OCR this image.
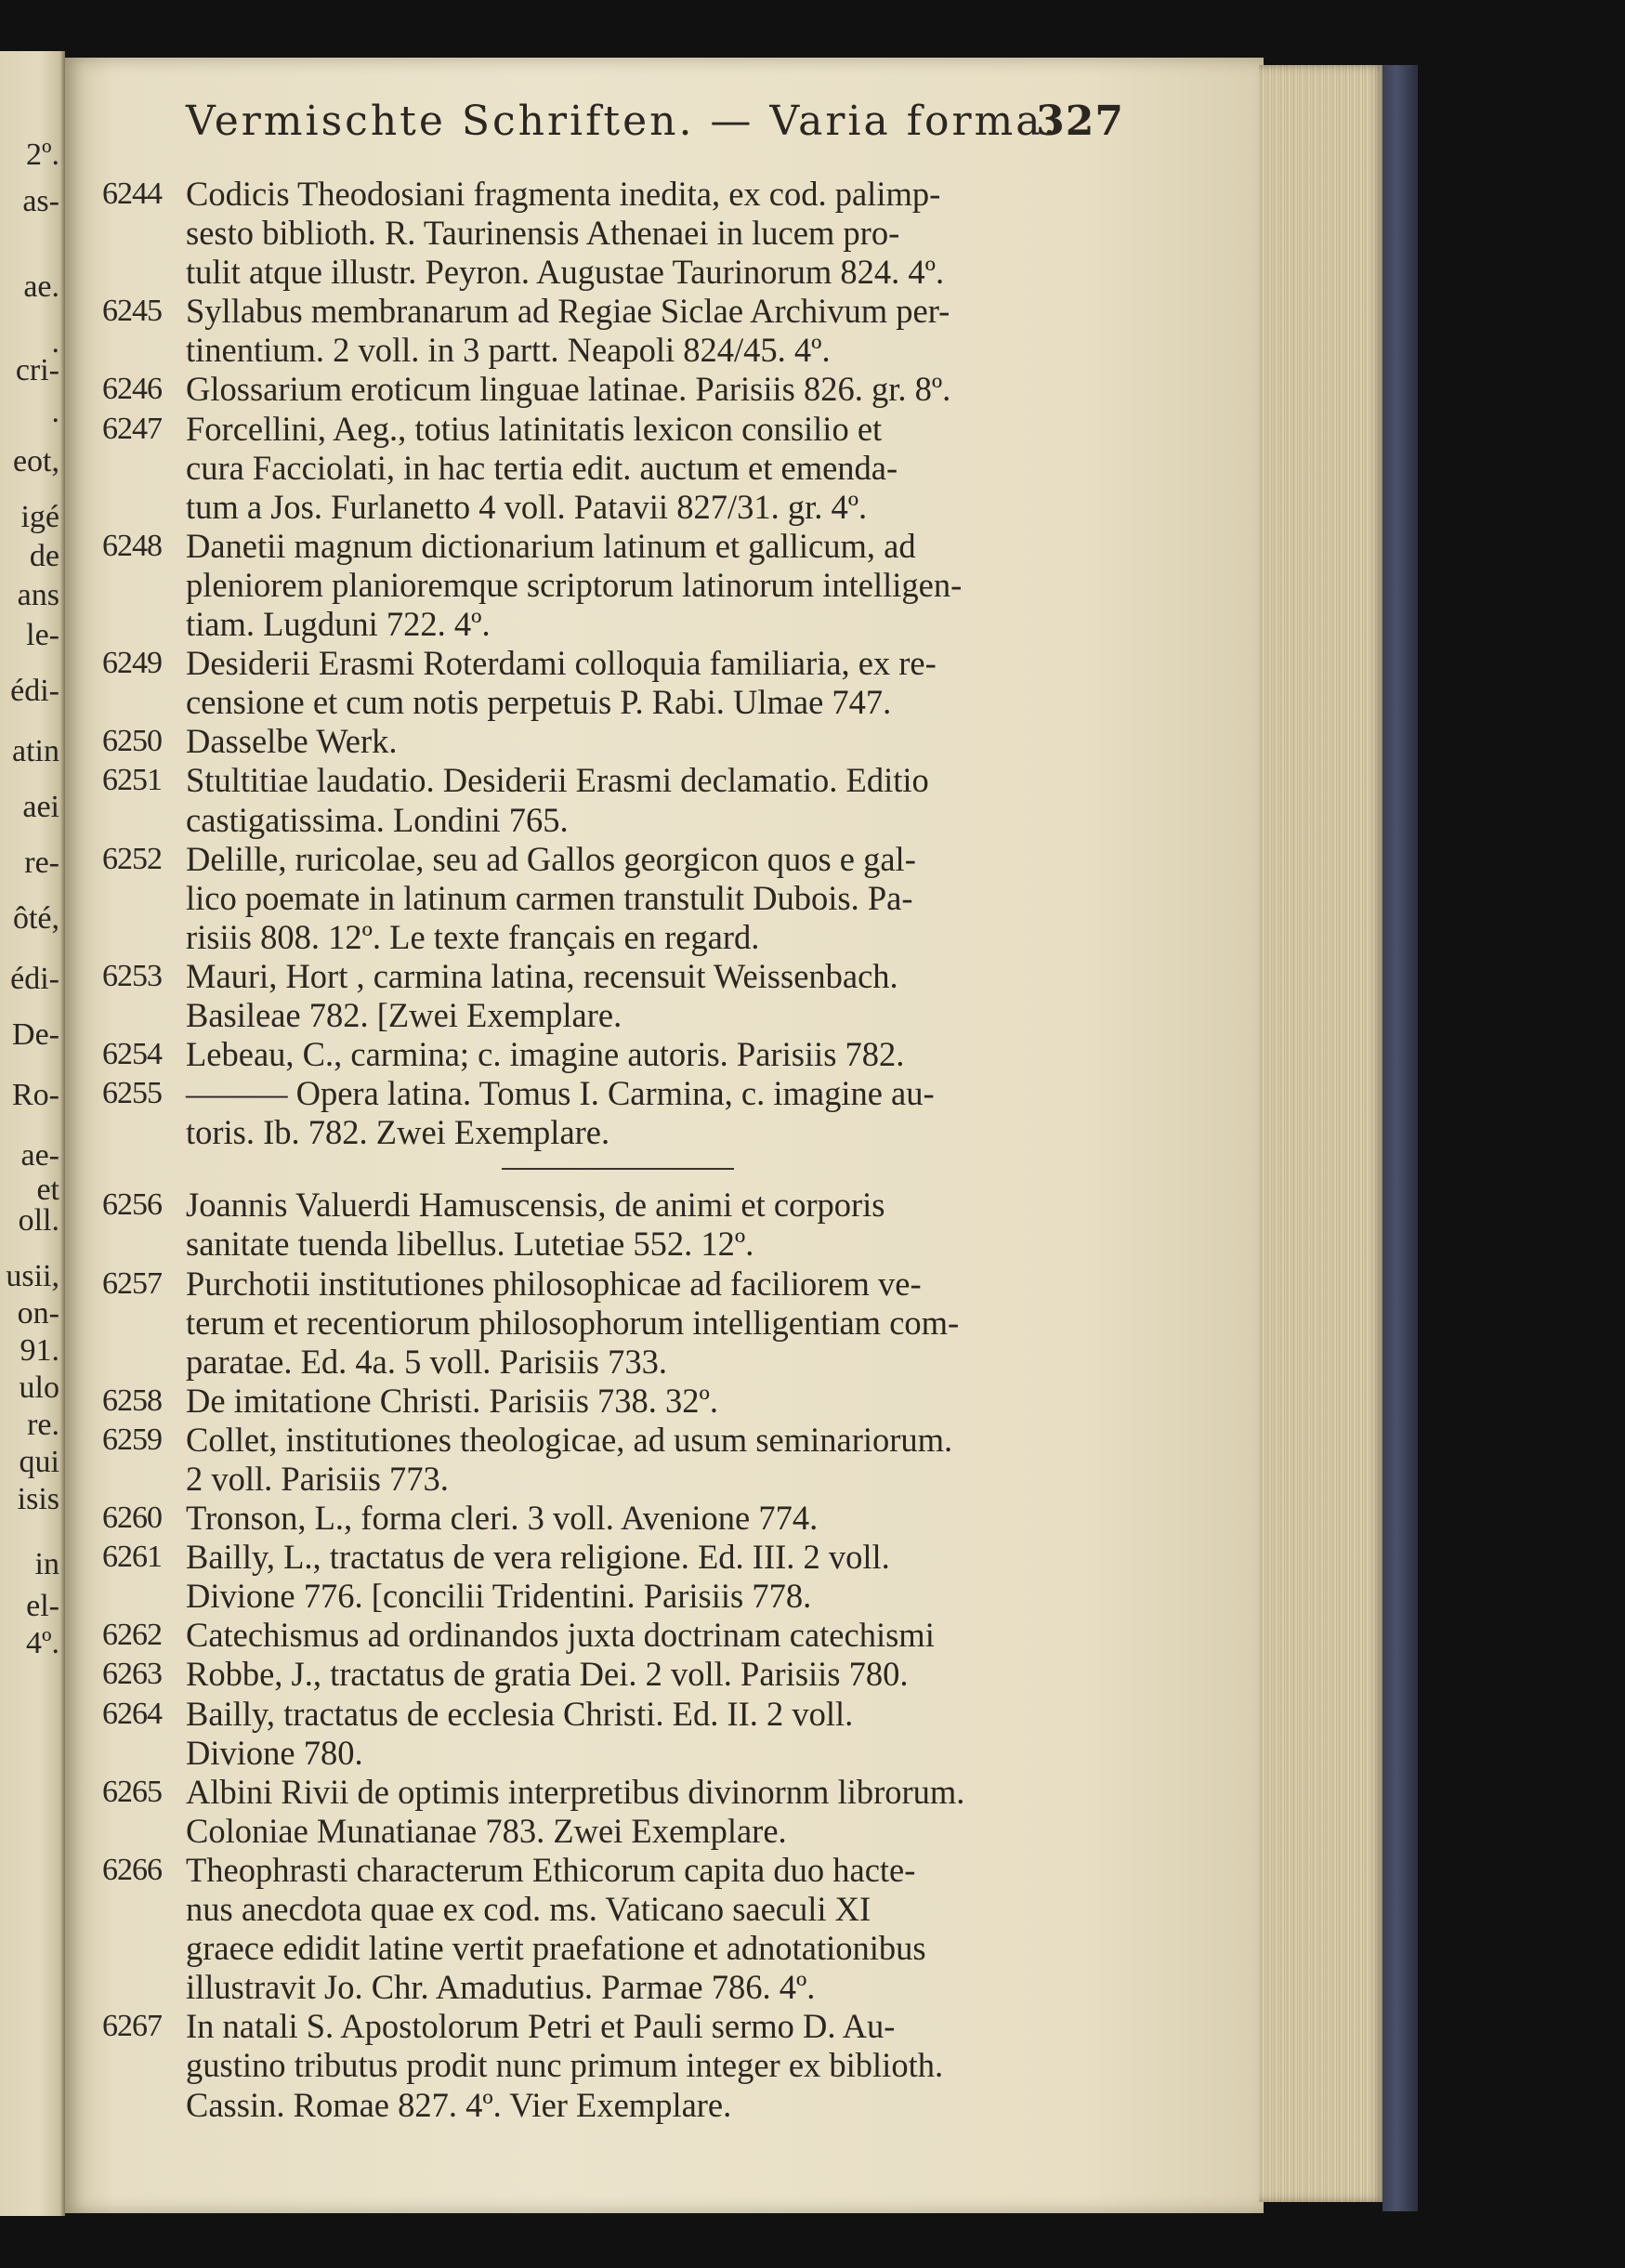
2º.
as-
ae.
.
cri-
.
eot,
igé
de
ans
le-
édi-
atin
aei
re-
ôté,
édi-
De-
Ro-
ae-
et
oll.
usii,
on-
91.
ulo
re.
qui
isis
in
el-
4º.
Vermischte Schriften. — Varia forma.
327
6244 Codicis Theodosiani fragmenta inedita, ex cod. palimp-
sesto biblioth. R. Taurinensis Athenaei in lucem pro-
tulit atque illustr. Peyron. Augustae Taurinorum 824. 4º.
6245 Syllabus membranarum ad Regiae Siclae Archivum per-
tinentium. 2 voll. in 3 partt. Neapoli 824/45. 4º.
6246 Glossarium eroticum linguae latinae. Parisiis 826. gr. 8º.
6247 Forcellini, Aeg., totius latinitatis lexicon consilio et
cura Facciolati, in hac tertia edit. auctum et emenda-
tum a Jos. Furlanetto 4 voll. Patavii 827/31. gr. 4º.
6248 Danetii magnum dictionarium latinum et gallicum, ad
pleniorem planioremque scriptorum latinorum intelligen-
tiam. Lugduni 722. 4º.
6249 Desiderii Erasmi Roterdami colloquia familiaria, ex re-
censione et cum notis perpetuis P. Rabi. Ulmae 747.
6250 Dasselbe Werk.
6251 Stultitiae laudatio. Desiderii Erasmi declamatio. Editio
castigatissima. Londini 765.
6252 Delille, ruricolae, seu ad Gallos georgicon quos e gal-
lico poemate in latinum carmen transtulit Dubois. Pa-
risiis 808. 12º. Le texte français en regard.
6253 Mauri, Hort , carmina latina, recensuit Weissenbach.
Basileae 782. [Zwei Exemplare.
6254 Lebeau, C., carmina; c. imagine autoris. Parisiis 782.
6255 ——— Opera latina. Tomus I. Carmina, c. imagine au-
toris. Ib. 782. Zwei Exemplare.
6256 Joannis Valuerdi Hamuscensis, de animi et corporis
sanitate tuenda libellus. Lutetiae 552. 12º.
6257 Purchotii institutiones philosophicae ad faciliorem ve-
terum et recentiorum philosophorum intelligentiam com-
paratae. Ed. 4a. 5 voll. Parisiis 733.
6258 De imitatione Christi. Parisiis 738. 32º.
6259 Collet, institutiones theologicae, ad usum seminariorum.
2 voll. Parisiis 773.
6260 Tronson, L., forma cleri. 3 voll. Avenione 774.
6261 Bailly, L., tractatus de vera religione. Ed. III. 2 voll.
Divione 776. [concilii Tridentini. Parisiis 778.
6262 Catechismus ad ordinandos juxta doctrinam catechismi
6263 Robbe, J., tractatus de gratia Dei. 2 voll. Parisiis 780.
6264 Bailly, tractatus de ecclesia Christi. Ed. II. 2 voll.
Divione 780.
6265 Albini Rivii de optimis interpretibus divinornm librorum.
Coloniae Munatianae 783. Zwei Exemplare.
6266 Theophrasti characterum Ethicorum capita duo hacte-
nus anecdota quae ex cod. ms. Vaticano saeculi XI
graece edidit latine vertit praefatione et adnotationibus
illustravit Jo. Chr. Amadutius. Parmae 786. 4º.
6267 In natali S. Apostolorum Petri et Pauli sermo D. Au-
gustino tributus prodit nunc primum integer ex biblioth.
Cassin. Romae 827. 4º. Vier Exemplare.
